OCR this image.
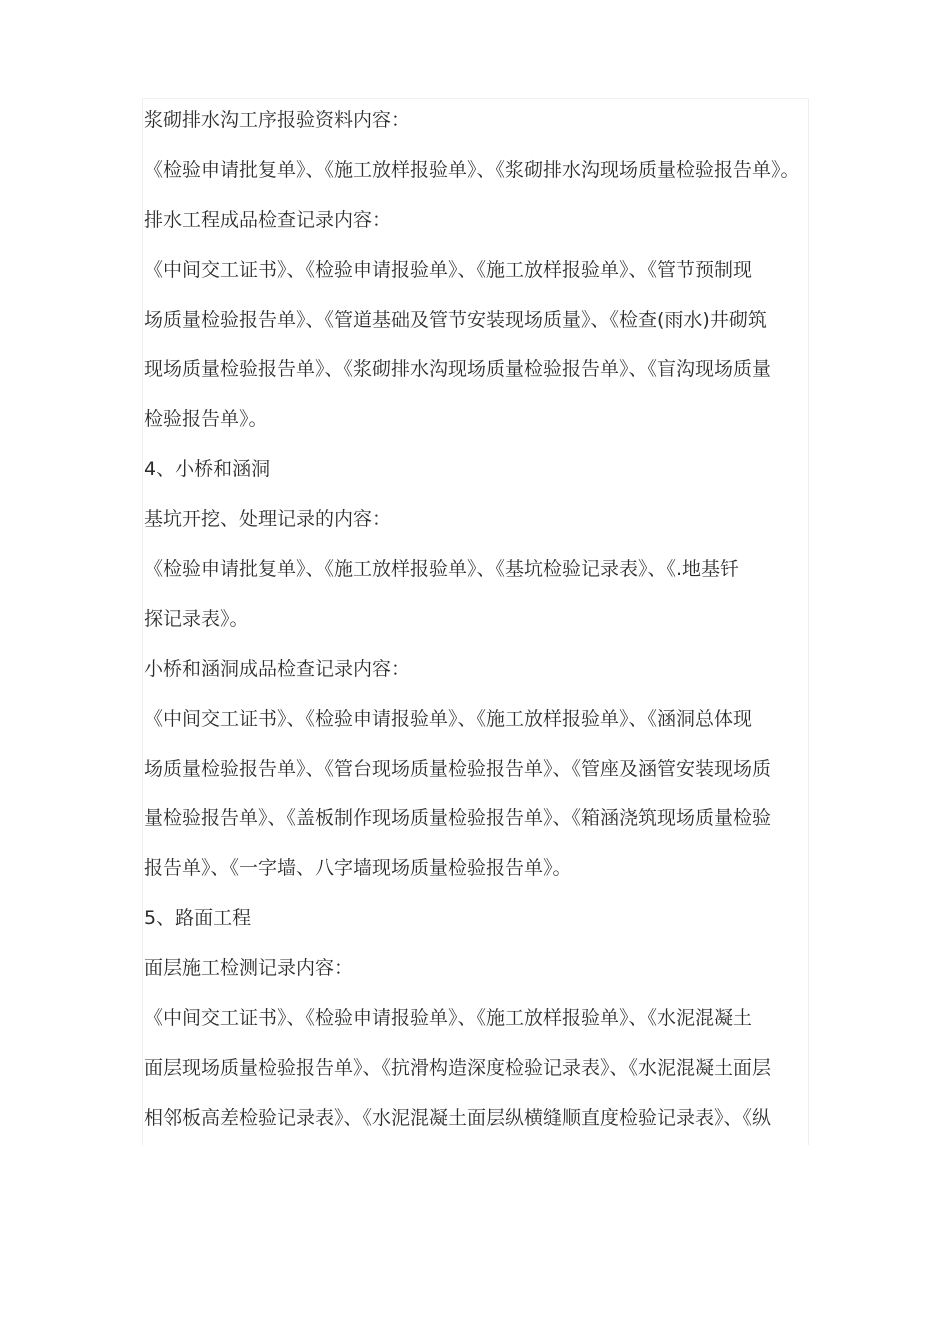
浆砌排水沟工序报验资料内容：
《检验申请批复单》、《施工放样报验单》、《浆砌排水沟现场质量检验报告单》。
排水工程成品检查记录内容：
《中间交工证书》、《检验申请报验单》、《施工放样报验单》、《管节预制现
场质量检验报告单》、《管道基础及管节安装现场质量》、《检查(雨水)井砌筑
现场质量检验报告单》、《浆砌排水沟现场质量检验报告单》、《盲沟现场质量
检验报告单》。
4、小桥和涵洞
基坑开挖、处理记录的内容：
《检验申请批复单》、《施工放样报验单》、《基坑检验记录表》、《.地基钎
探记录表》。
小桥和涵洞成品检查记录内容：
《中间交工证书》、《检验申请报验单》、《施工放样报验单》、《涵洞总体现
场质量检验报告单》、《管台现场质量检验报告单》、《管座及涵管安装现场质
量检验报告单》、《盖板制作现场质量检验报告单》、《箱涵浇筑现场质量检验
报告单》、《一字墙、八字墙现场质量检验报告单》。
5、路面工程
面层施工检测记录内容：
《中间交工证书》、《检验申请报验单》、《施工放样报验单》、《水泥混凝土
面层现场质量检验报告单》、《抗滑构造深度检验记录表》、《水泥混凝土面层
相邻板高差检验记录表》、《水泥混凝土面层纵横缝顺直度检验记录表》、《纵
